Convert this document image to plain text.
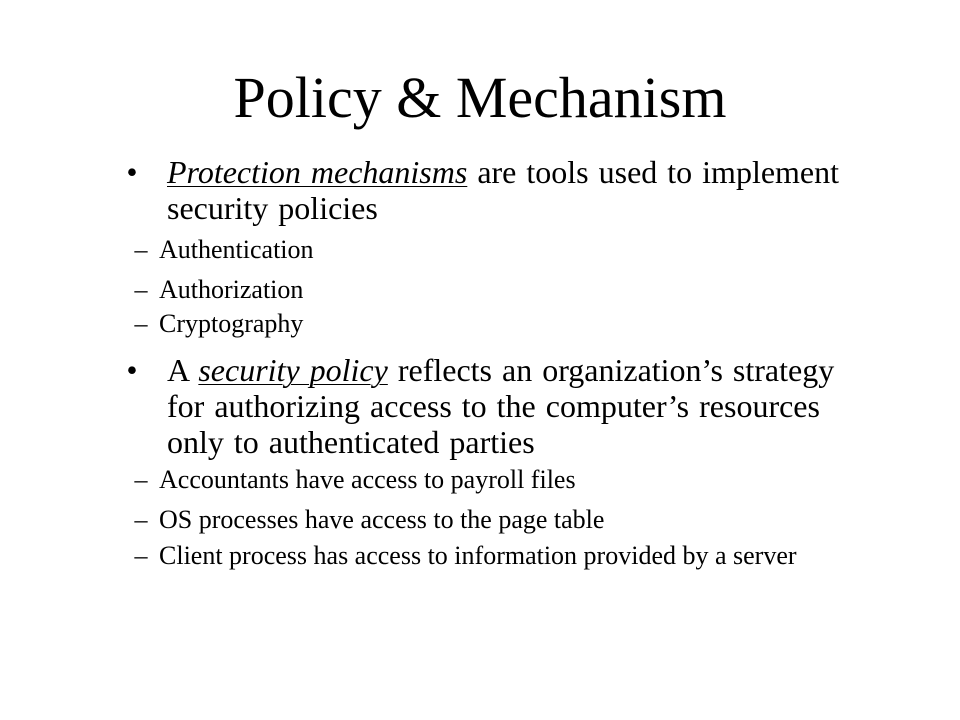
Policy & Mechanism
• Protection mechanisms are tools used to implement security policies
– Authentication
– Authorization
– Cryptography
• A security policy reflects an organization’s strategy for authorizing access to the computer’s resources only to authenticated parties
– Accountants have access to payroll files
– OS processes have access to the page table
– Client process has access to information provided by a server
